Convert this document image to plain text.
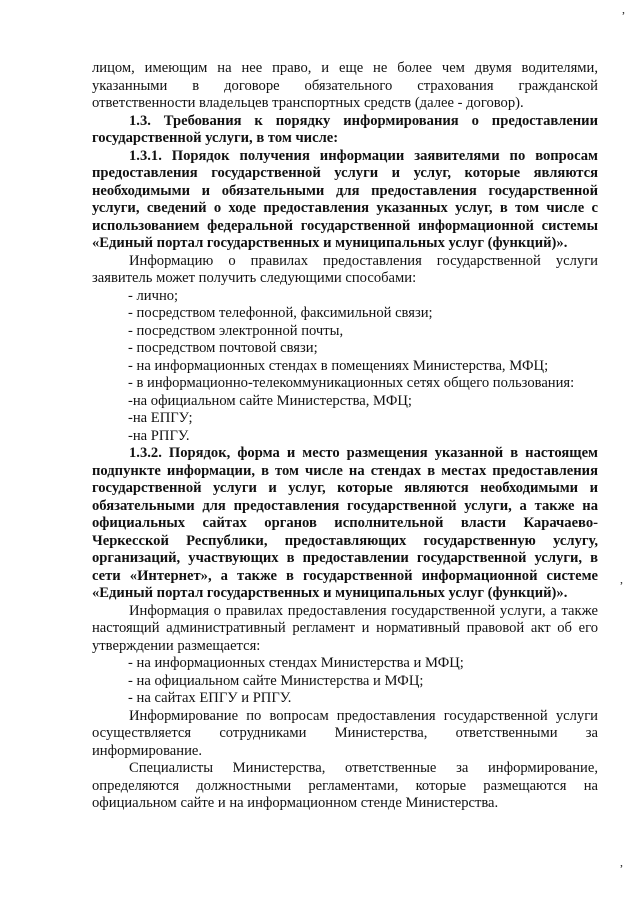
лицом, имеющим на нее право, и еще не более чем двумя водителями, указанными в договоре обязательного страхования гражданской ответственности владельцев транспортных средств (далее - договор).

1.3. Требования к порядку информирования о предоставлении государственной услуги, в том числе:

1.3.1. Порядок получения информации заявителями по вопросам предоставления государственной услуги и услуг, которые являются необходимыми и обязательными для предоставления государственной услуги, сведений о ходе предоставления указанных услуг, в том числе с использованием федеральной государственной информационной системы «Единый портал государственных и муниципальных услуг (функций)».

Информацию о правилах предоставления государственной услуги заявитель может получить следующими способами:

- лично;
- посредством телефонной, факсимильной связи;
- посредством электронной почты,
- посредством почтовой связи;
- на информационных стендах в помещениях Министерства, МФЦ;
- в информационно-телекоммуникационных сетях общего пользования:
-на официальном сайте Министерства, МФЦ;
-на ЕПГУ;
-на РПГУ.

1.3.2. Порядок, форма и место размещения указанной в настоящем подпункте информации, в том числе на стендах в местах предоставления государственной услуги и услуг, которые являются необходимыми и обязательными для предоставления государственной услуги, а также на официальных сайтах органов исполнительной власти Карачаево-Черкесской Республики, предоставляющих государственную услугу, организаций, участвующих в предоставлении государственной услуги, в сети «Интернет», а также в государственной информационной системе «Единый портал государственных и муниципальных услуг (функций)».

Информация о правилах предоставления государственной услуги, а также настоящий административный регламент и нормативный правовой акт об его утверждении размещается:

- на информационных стендах Министерства и МФЦ;
- на официальном сайте Министерства и МФЦ;
- на сайтах ЕПГУ и РПГУ.

Информирование по вопросам предоставления государственной услуги осуществляется сотрудниками Министерства, ответственными за информирование.

Специалисты Министерства, ответственные за информирование, определяются должностными регламентами, которые размещаются на официальном сайте и на информационном стенде Министерства.

,
,
,
